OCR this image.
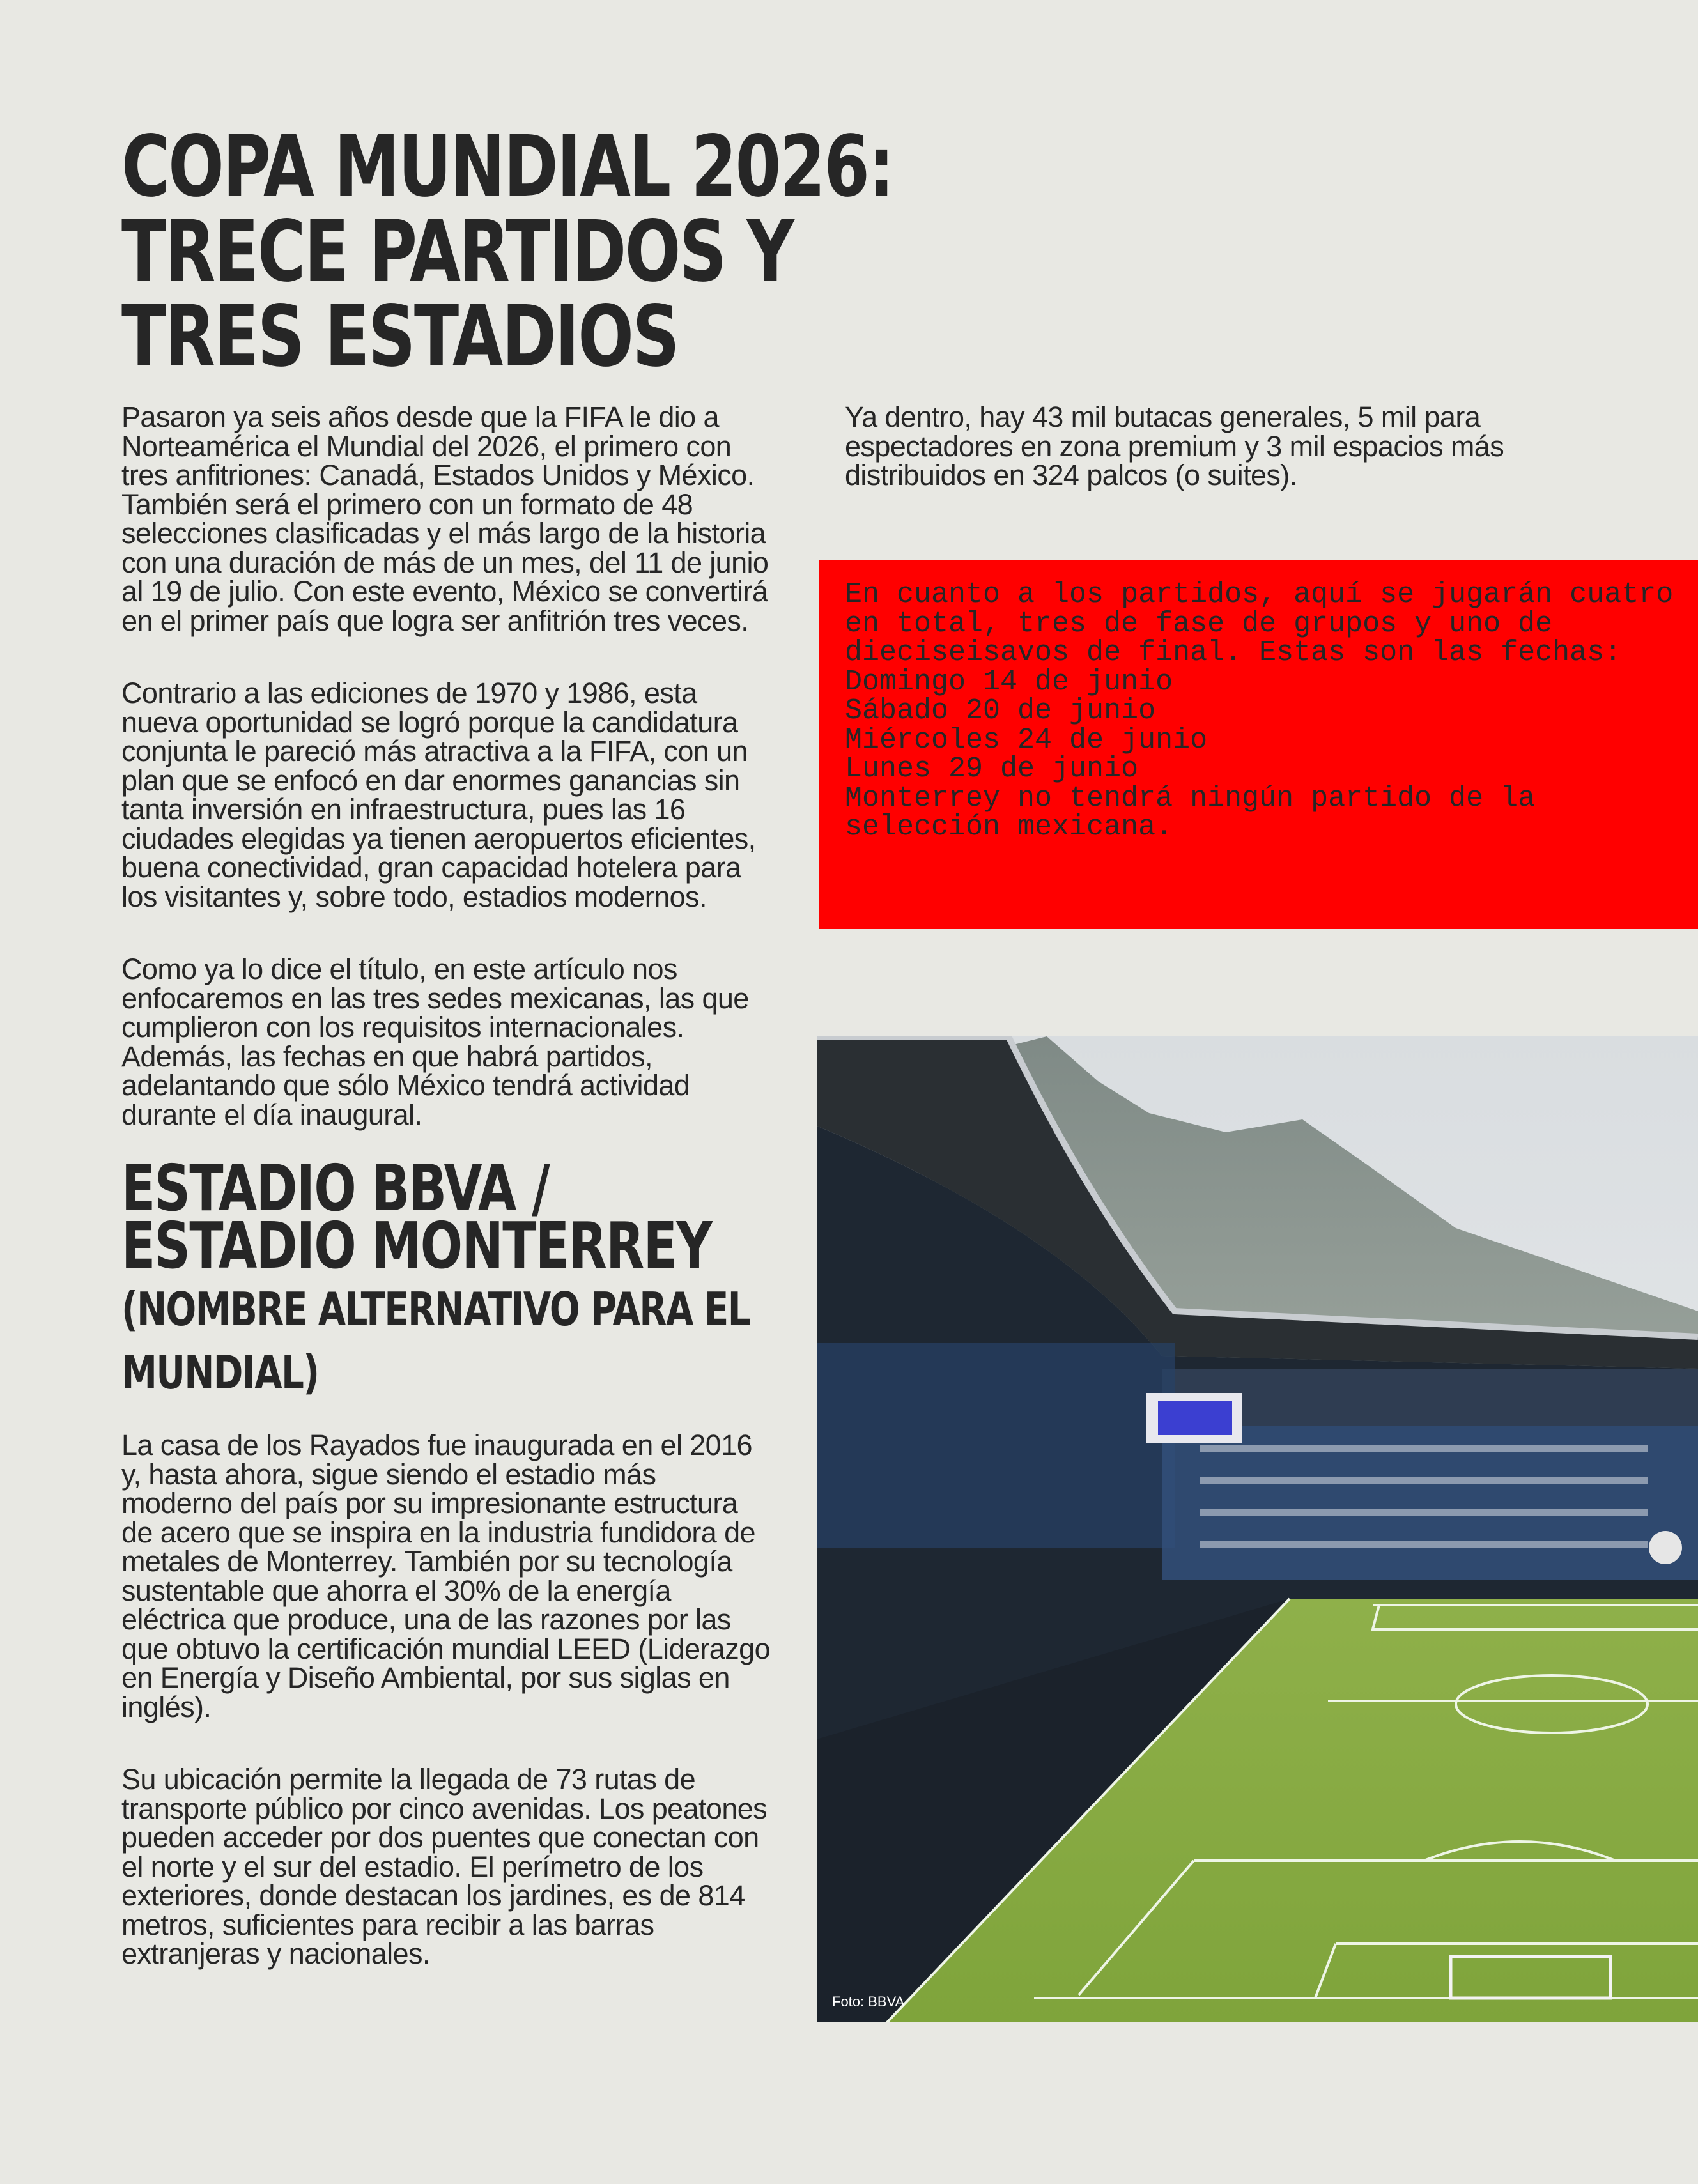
COPA MUNDIAL 2026:
TRECE PARTIDOS Y
TRES ESTADIOS

Pasaron ya seis años desde que la FIFA le dio a Norteamérica el Mundial del 2026, el primero con tres anfitriones: Canadá, Estados Unidos y México. También será el primero con un formato de 48 selecciones clasificadas y el más largo de la historia con una duración de más de un mes, del 11 de junio al 19 de julio. Con este evento, México se convertirá en el primer país que logra ser anfitrión tres veces.

Contrario a las ediciones de 1970 y 1986, esta nueva oportunidad se logró porque la candidatura conjunta le pareció más atractiva a la FIFA, con un plan que se enfocó en dar enormes ganancias sin tanta inversión en infraestructura, pues las 16 ciudades elegidas ya tienen aeropuertos eficientes, buena conectividad, gran capacidad hotelera para los visitantes y, sobre todo, estadios modernos.

Como ya lo dice el título, en este artículo nos enfocaremos en las tres sedes mexicanas, las que cumplieron con los requisitos internacionales. Además, las fechas en que habrá partidos, adelantando que sólo México tendrá actividad durante el día inaugural.

ESTADIO BBVA / ESTADIO MONTERREY (NOMBRE ALTERNATIVO PARA EL MUNDIAL)

La casa de los Rayados fue inaugurada en el 2016 y, hasta ahora, sigue siendo el estadio más moderno del país por su impresionante estructura de acero que se inspira en la industria fundidora de metales de Monterrey. También por su tecnología sustentable que ahorra el 30% de la energía eléctrica que produce, una de las razones por las que obtuvo la certificación mundial LEED (Liderazgo en Energía y Diseño Ambiental, por sus siglas en inglés).

Su ubicación permite la llegada de 73 rutas de transporte público por cinco avenidas. Los peatones pueden acceder por dos puentes que conectan con el norte y el sur del estadio. El perímetro de los exteriores, donde destacan los jardines, es de 814 metros, suficientes para recibir a las barras extranjeras y nacionales.

Ya dentro, hay 43 mil butacas generales, 5 mil para espectadores en zona premium y 3 mil espacios más distribuidos en 324 palcos (o suites).

En cuanto a los partidos, aquí se jugarán cuatro en total, tres de fase de grupos y uno de dieciseisavos de final. Estas son las fechas:
Domingo 14 de junio
Sábado 20 de junio
Miércoles 24 de junio
Lunes 29 de junio
Monterrey no tendrá ningún partido de la selección mexicana.
Foto: BBVA
